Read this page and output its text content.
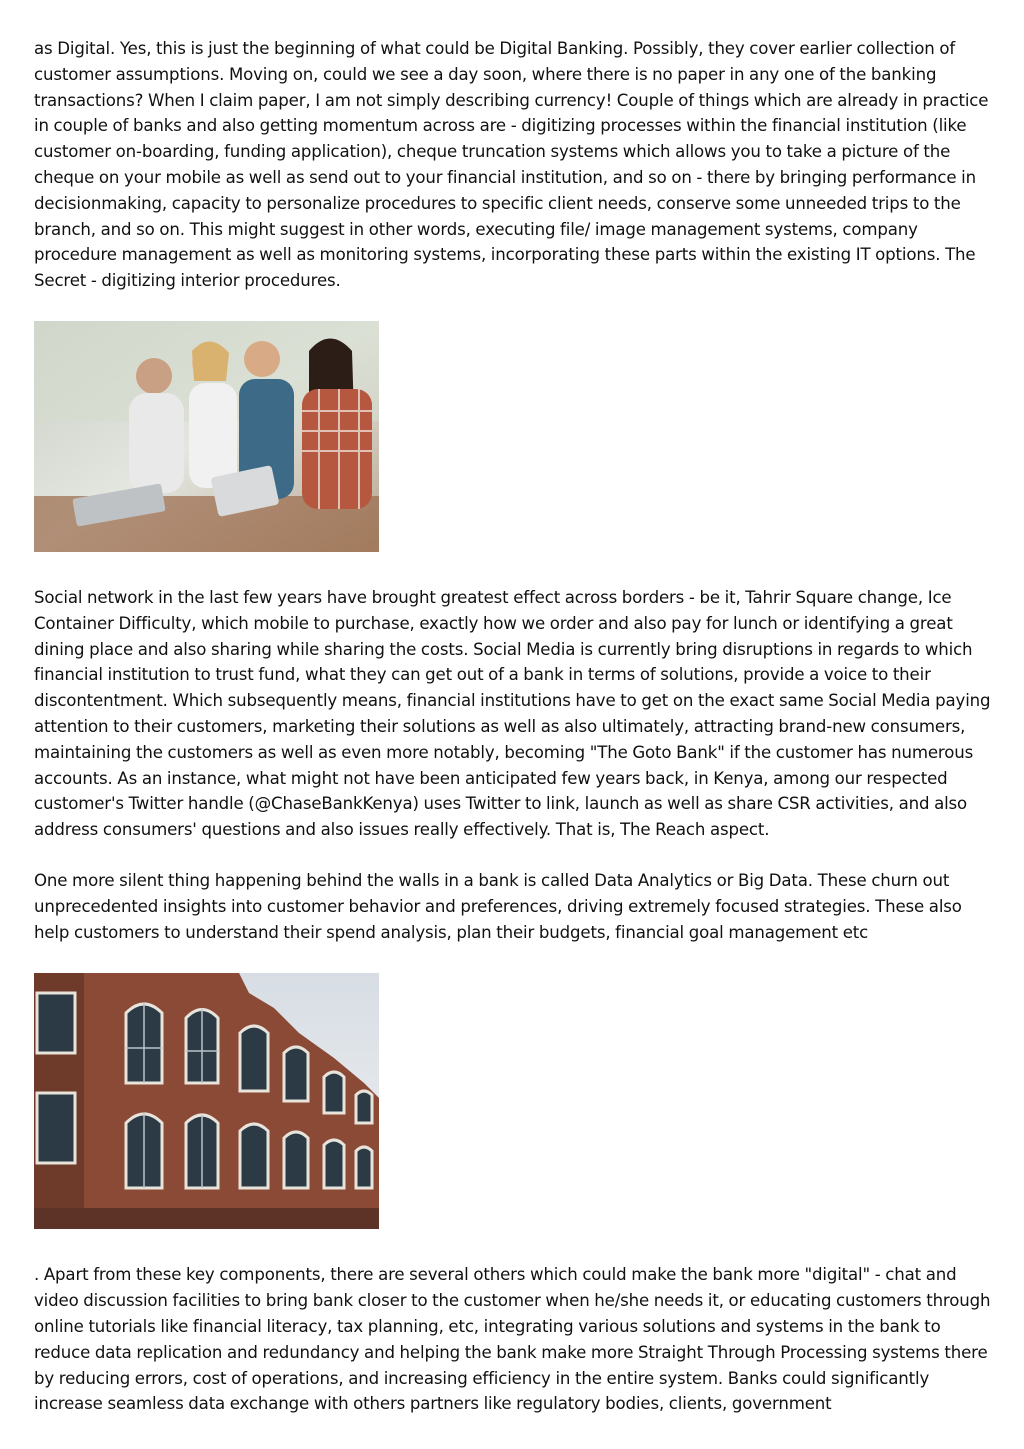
as Digital. Yes, this is just the beginning of what could be Digital Banking. Possibly, they cover earlier collection of customer assumptions. Moving on, could we see a day soon, where there is no paper in any one of the banking transactions? When I claim paper, I am not simply describing currency! Couple of things which are already in practice in couple of banks and also getting momentum across are - digitizing processes within the financial institution (like customer on-boarding, funding application), cheque truncation systems which allows you to take a picture of the cheque on your mobile as well as send out to your financial institution, and so on - there by bringing performance in decisionmaking, capacity to personalize procedures to specific client needs, conserve some unneeded trips to the branch, and so on. This might suggest in other words, executing file/ image management systems, company procedure management as well as monitoring systems, incorporating these parts within the existing IT options. The Secret - digitizing interior procedures.

Social network in the last few years have brought greatest effect across borders - be it, Tahrir Square change, Ice Container Difficulty, which mobile to purchase, exactly how we order and also pay for lunch or identifying a great dining place and also sharing while sharing the costs. Social Media is currently bring disruptions in regards to which financial institution to trust fund, what they can get out of a bank in terms of solutions, provide a voice to their discontentment. Which subsequently means, financial institutions have to get on the exact same Social Media paying attention to their customers, marketing their solutions as well as also ultimately, attracting brand-new consumers, maintaining the customers as well as even more notably, becoming "The Goto Bank" if the customer has numerous accounts. As an instance, what might not have been anticipated few years back, in Kenya, among our respected customer's Twitter handle (@ChaseBankKenya) uses Twitter to link, launch as well as share CSR activities, and also address consumers' questions and also issues really effectively. That is, The Reach aspect.

One more silent thing happening behind the walls in a bank is called Data Analytics or Big Data. These churn out unprecedented insights into customer behavior and preferences, driving extremely focused strategies. These also help customers to understand their spend analysis, plan their budgets, financial goal management etc

. Apart from these key components, there are several others which could make the bank more "digital" - chat and video discussion facilities to bring bank closer to the customer when he/she needs it, or educating customers through online tutorials like financial literacy, tax planning, etc, integrating various solutions and systems in the bank to reduce data replication and redundancy and helping the bank make more Straight Through Processing systems there by reducing errors, cost of operations, and increasing efficiency in the entire system. Banks could significantly increase seamless data exchange with others partners like regulatory bodies, clients, government
